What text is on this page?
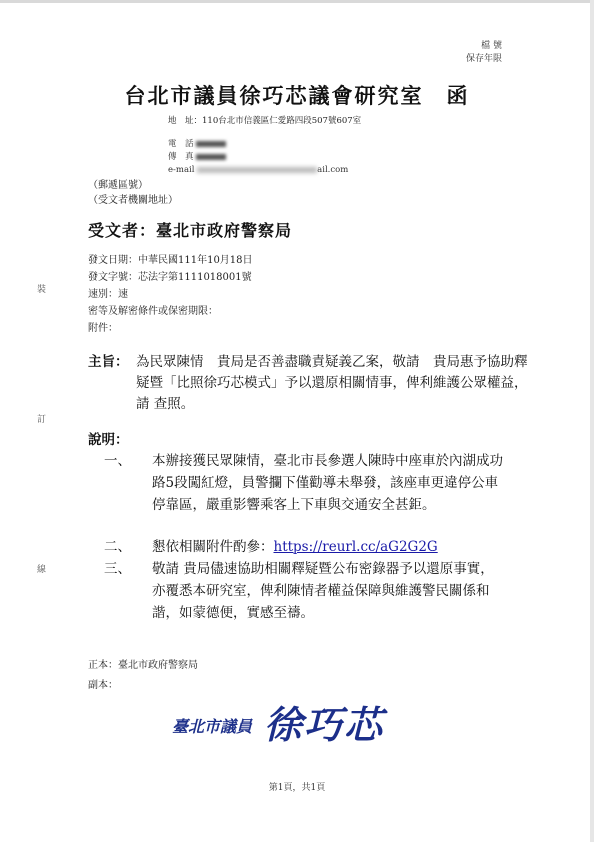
檔 號
保存年限
台北市議員徐巧芯議會研究室　函
地　址：110台北市信義區仁愛路四段507號607室
電　話
傳　真
e-mail	ail.com
（郵遞區號）
（受文者機關地址）
受文者：臺北市政府警察局
發文日期：中華民國111年10月18日
發文字號：芯法字第1111018001號
速別：速
密等及解密條件或保密期限：
附件：
主旨： 為民眾陳情　貴局是否善盡職責疑義乙案，敬請　貴局惠予協助釋疑暨「比照徐巧芯模式」予以還原相關情事，俾利維護公眾權益，請 查照。
說明：
一、 本辦接獲民眾陳情，臺北市長參選人陳時中座車於內湖成功路5段闖紅燈，員警攔下僅勸導未舉發，該座車更違停公車停靠區，嚴重影響乘客上下車與交通安全甚鉅。
二、 懇依相關附件酌參：https://reurl.cc/aG2G2G
三、 敬請 貴局儘速協助相關釋疑暨公布密錄器予以還原事實，亦覆悉本研究室，俾利陳情者權益保障與維護警民關係和諧，如蒙德便，實感至禱。
裝
訂
線
正本：臺北市政府警察局
副本：
臺北市議員 徐巧芯
第1頁，共1頁
